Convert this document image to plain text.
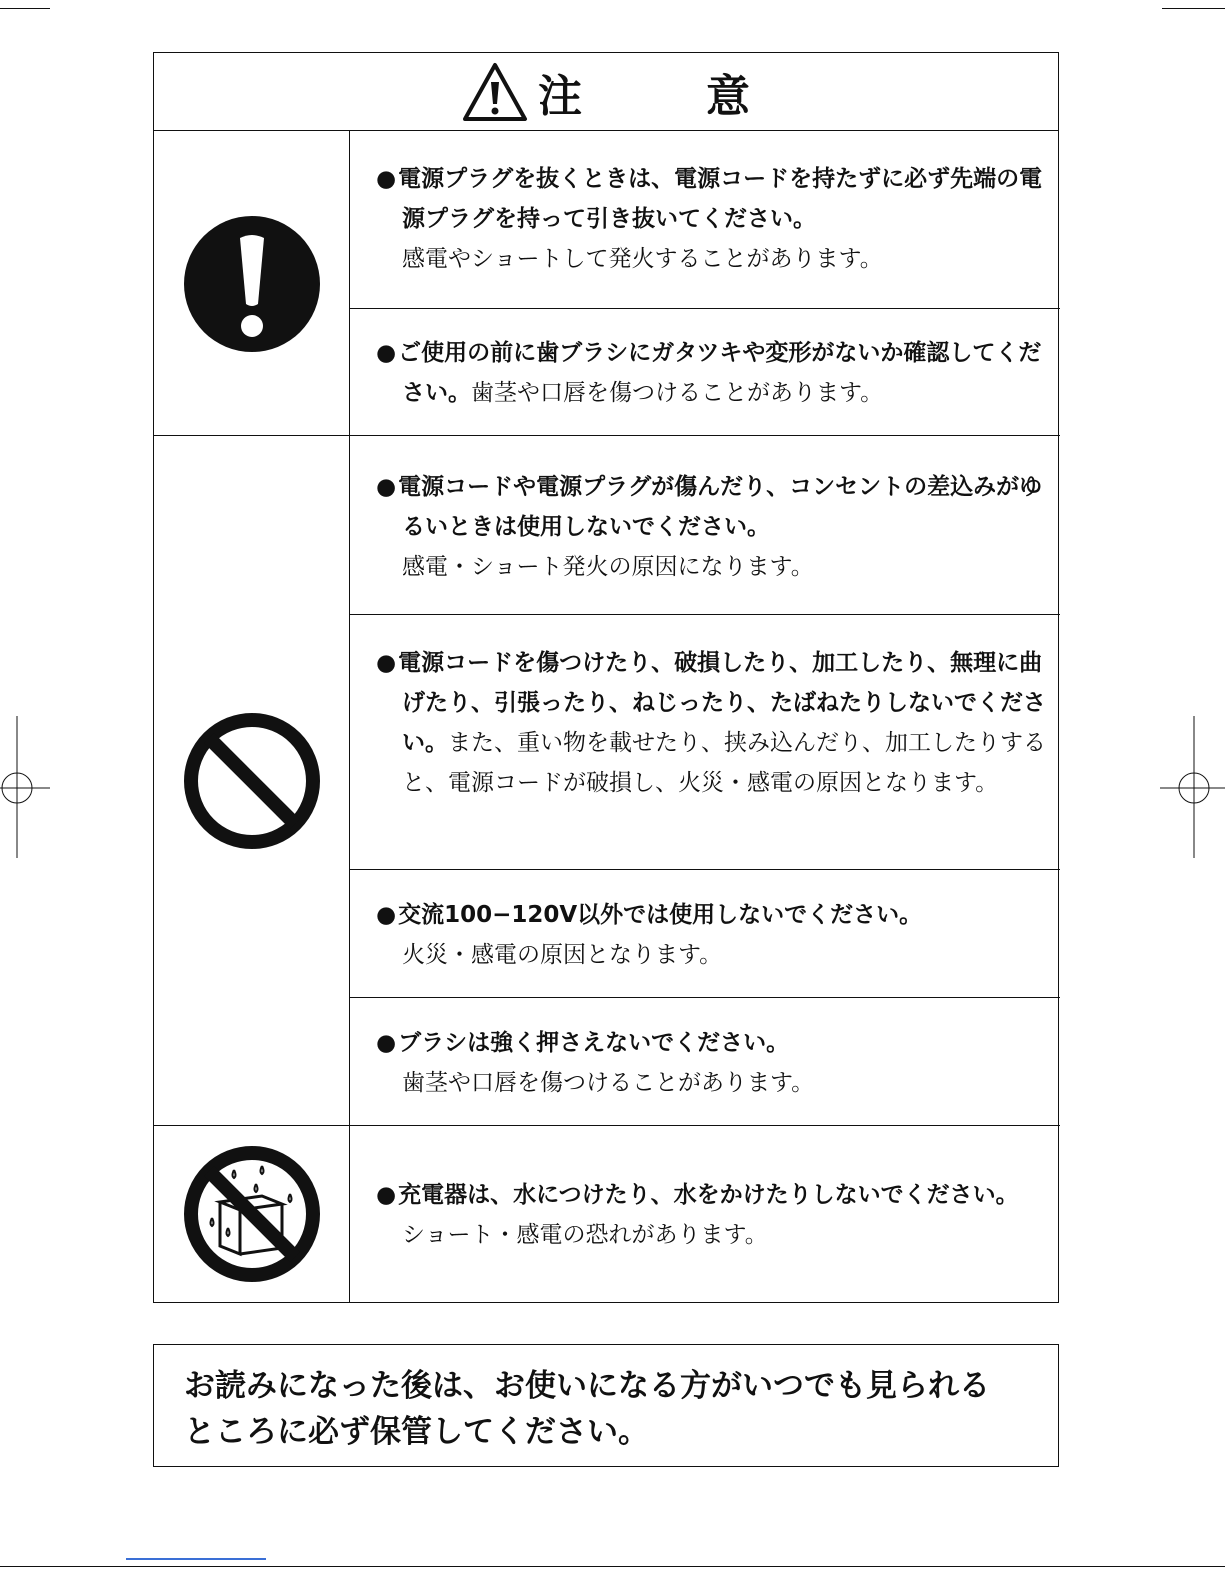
注　意
●電源プラグを抜くときは、電源コードを持たずに必ず先端の電源プラグを持って引き抜いてください。
感電やショートして発火することがあります。
●ご使用の前に歯ブラシにガタツキや変形がないか確認してください。歯茎や口唇を傷つけることがあります。
●電源コードや電源プラグが傷んだり、コンセントの差込みがゆるいときは使用しないでください。
感電・ショート発火の原因になります。
●電源コードを傷つけたり、破損したり、加工したり、無理に曲げたり、引張ったり、ねじったり、たばねたりしないでください。また、重い物を載せたり、挟み込んだり、加工したりすると、電源コードが破損し、火災・感電の原因となります。
●交流100−120V以外では使用しないでください。
火災・感電の原因となります。
●ブラシは強く押さえないでください。
歯茎や口唇を傷つけることがあります。
●充電器は、水につけたり、水をかけたりしないでください。
ショート・感電の恐れがあります。
お読みになった後は、お使いになる方がいつでも見られる
ところに必ず保管してください。
